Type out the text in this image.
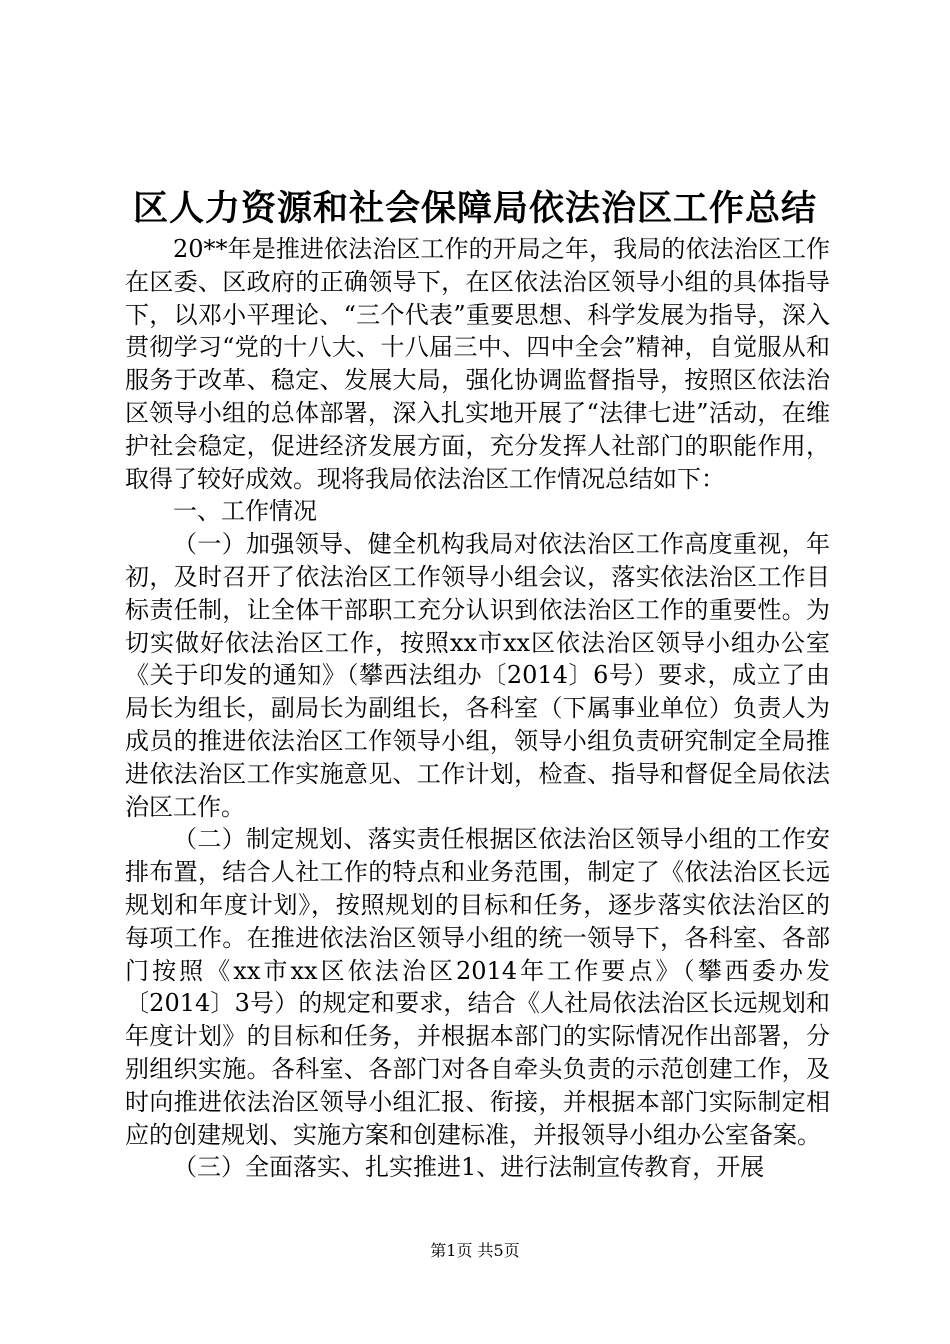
区人力资源和社会保障局依法治区工作总结

20**年是推进依法治区工作的开局之年，我局的依法治区工作在区委、区政府的正确领导下，在区依法治区领导小组的具体指导下，以邓小平理论、“三个代表”重要思想、科学发展为指导，深入贯彻学习“党的十八大、十八届三中、四中全会”精神，自觉服从和服务于改革、稳定、发展大局，强化协调监督指导，按照区依法治区领导小组的总体部署，深入扎实地开展了“法律七进”活动，在维护社会稳定，促进经济发展方面，充分发挥人社部门的职能作用，取得了较好成效。现将我局依法治区工作情况总结如下：

一、工作情况

（一）加强领导、健全机构我局对依法治区工作高度重视，年初，及时召开了依法治区工作领导小组会议，落实依法治区工作目标责任制，让全体干部职工充分认识到依法治区工作的重要性。为切实做好依法治区工作，按照xx市xx区依法治区领导小组办公室《关于印发的通知》（攀西法组办〔2014〕6号）要求，成立了由局长为组长，副局长为副组长，各科室（下属事业单位）负责人为成员的推进依法治区工作领导小组，领导小组负责研究制定全局推进依法治区工作实施意见、工作计划，检查、指导和督促全局依法治区工作。

（二）制定规划、落实责任根据区依法治区领导小组的工作安排布置，结合人社工作的特点和业务范围，制定了《依法治区长远规划和年度计划》，按照规划的目标和任务，逐步落实依法治区的每项工作。在推进依法治区领导小组的统一领导下，各科室、各部门按照《xx市xx区依法治区2014年工作要点》（攀西委办发〔2014〕3号）的规定和要求，结合《人社局依法治区长远规划和年度计划》的目标和任务，并根据本部门的实际情况作出部署，分别组织实施。各科室、各部门对各自牵头负责的示范创建工作，及时向推进依法治区领导小组汇报、衔接，并根据本部门实际制定相应的创建规划、实施方案和创建标准，并报领导小组办公室备案。

（三）全面落实、扎实推进1、进行法制宣传教育，开展

第1页 共5页
